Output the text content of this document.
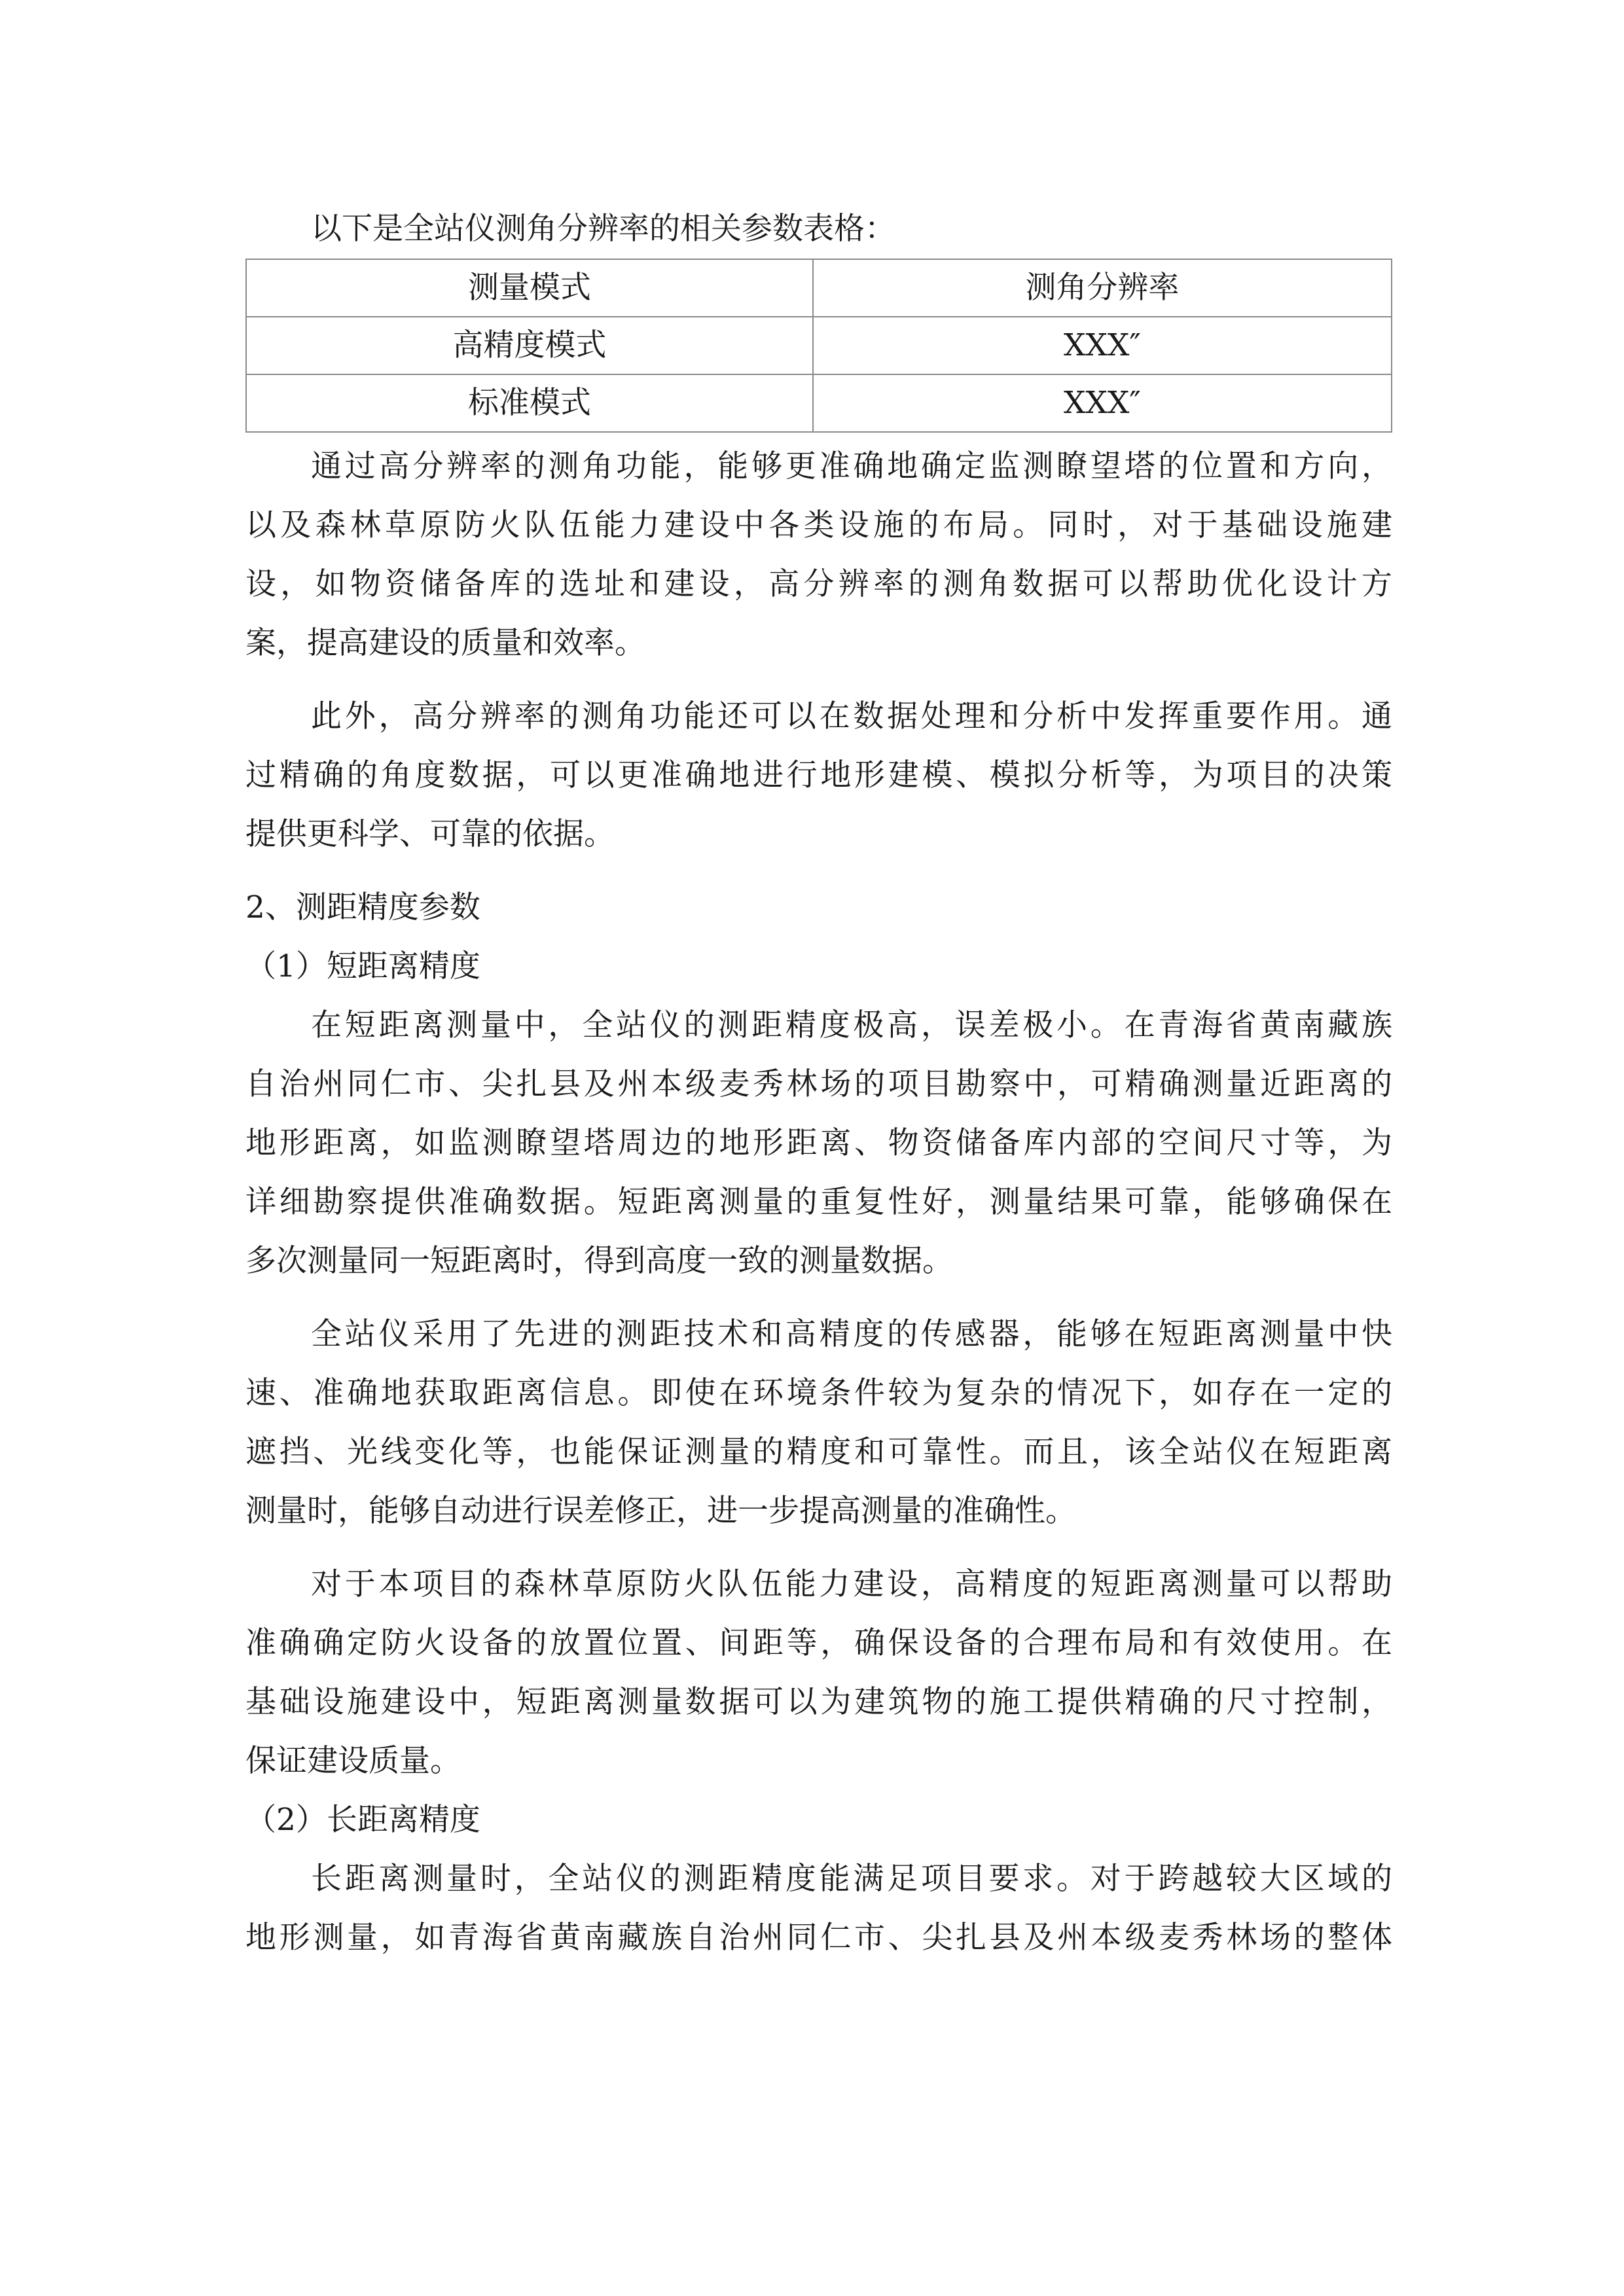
以下是全站仪测角分辨率的相关参数表格：
测量模式	测角分辨率
高精度模式	XXX″
标准模式	XXX″
通过高分辨率的测角功能，能够更准确地确定监测瞭望塔的位置和方向，
以及森林草原防火队伍能力建设中各类设施的布局。同时，对于基础设施建
设，如物资储备库的选址和建设，高分辨率的测角数据可以帮助优化设计方
案，提高建设的质量和效率。
此外，高分辨率的测角功能还可以在数据处理和分析中发挥重要作用。通
过精确的角度数据，可以更准确地进行地形建模、模拟分析等，为项目的决策
提供更科学、可靠的依据。
2、测距精度参数
（1）短距离精度
在短距离测量中，全站仪的测距精度极高，误差极小。在青海省黄南藏族
自治州同仁市、尖扎县及州本级麦秀林场的项目勘察中，可精确测量近距离的
地形距离，如监测瞭望塔周边的地形距离、物资储备库内部的空间尺寸等，为
详细勘察提供准确数据。短距离测量的重复性好，测量结果可靠，能够确保在
多次测量同一短距离时，得到高度一致的测量数据。
全站仪采用了先进的测距技术和高精度的传感器，能够在短距离测量中快
速、准确地获取距离信息。即使在环境条件较为复杂的情况下，如存在一定的
遮挡、光线变化等，也能保证测量的精度和可靠性。而且，该全站仪在短距离
测量时，能够自动进行误差修正，进一步提高测量的准确性。
对于本项目的森林草原防火队伍能力建设，高精度的短距离测量可以帮助
准确确定防火设备的放置位置、间距等，确保设备的合理布局和有效使用。在
基础设施建设中，短距离测量数据可以为建筑物的施工提供精确的尺寸控制，
保证建设质量。
（2）长距离精度
长距离测量时，全站仪的测距精度能满足项目要求。对于跨越较大区域的
地形测量，如青海省黄南藏族自治州同仁市、尖扎县及州本级麦秀林场的整体
